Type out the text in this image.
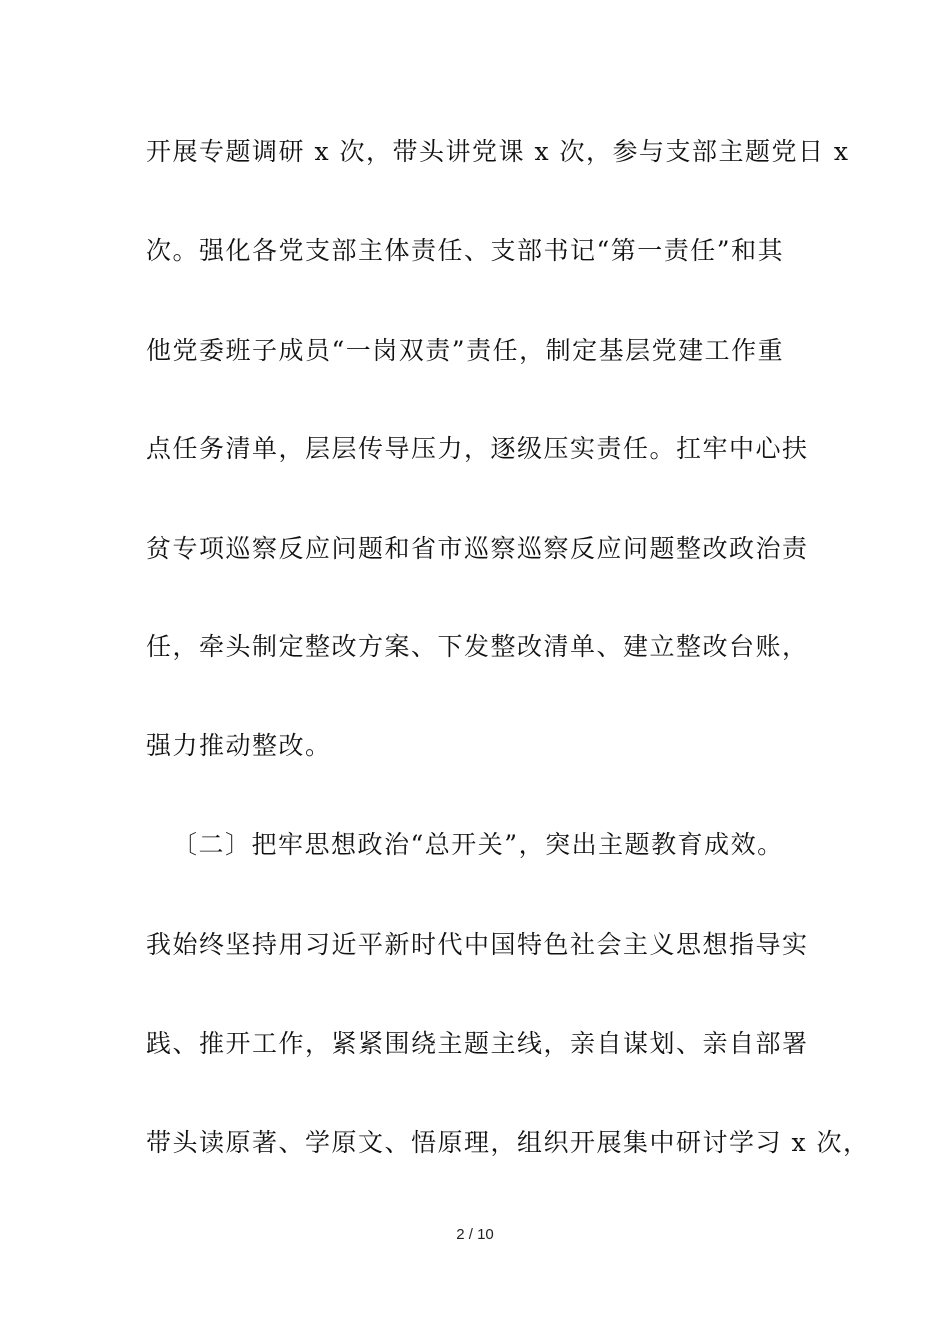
开展专题调研 x 次，带头讲党课 x 次，参与支部主题党日 x
次。强化各党支部主体责任、支部书记“第一责任”和其
他党委班子成员“一岗双责”责任，制定基层党建工作重
点任务清单，层层传导压力，逐级压实责任。扛牢中心扶
贫专项巡察反应问题和省市巡察巡察反应问题整改政治责
任，牵头制定整改方案、下发整改清单、建立整改台账，
强力推动整改。
〔二〕把牢思想政治“总开关”，突出主题教育成效。
我始终坚持用习近平新时代中国特色社会主义思想指导实
践、推开工作，紧紧围绕主题主线，亲自谋划、亲自部署
带头读原著、学原文、悟原理，组织开展集中研讨学习 x 次，
2 / 10
